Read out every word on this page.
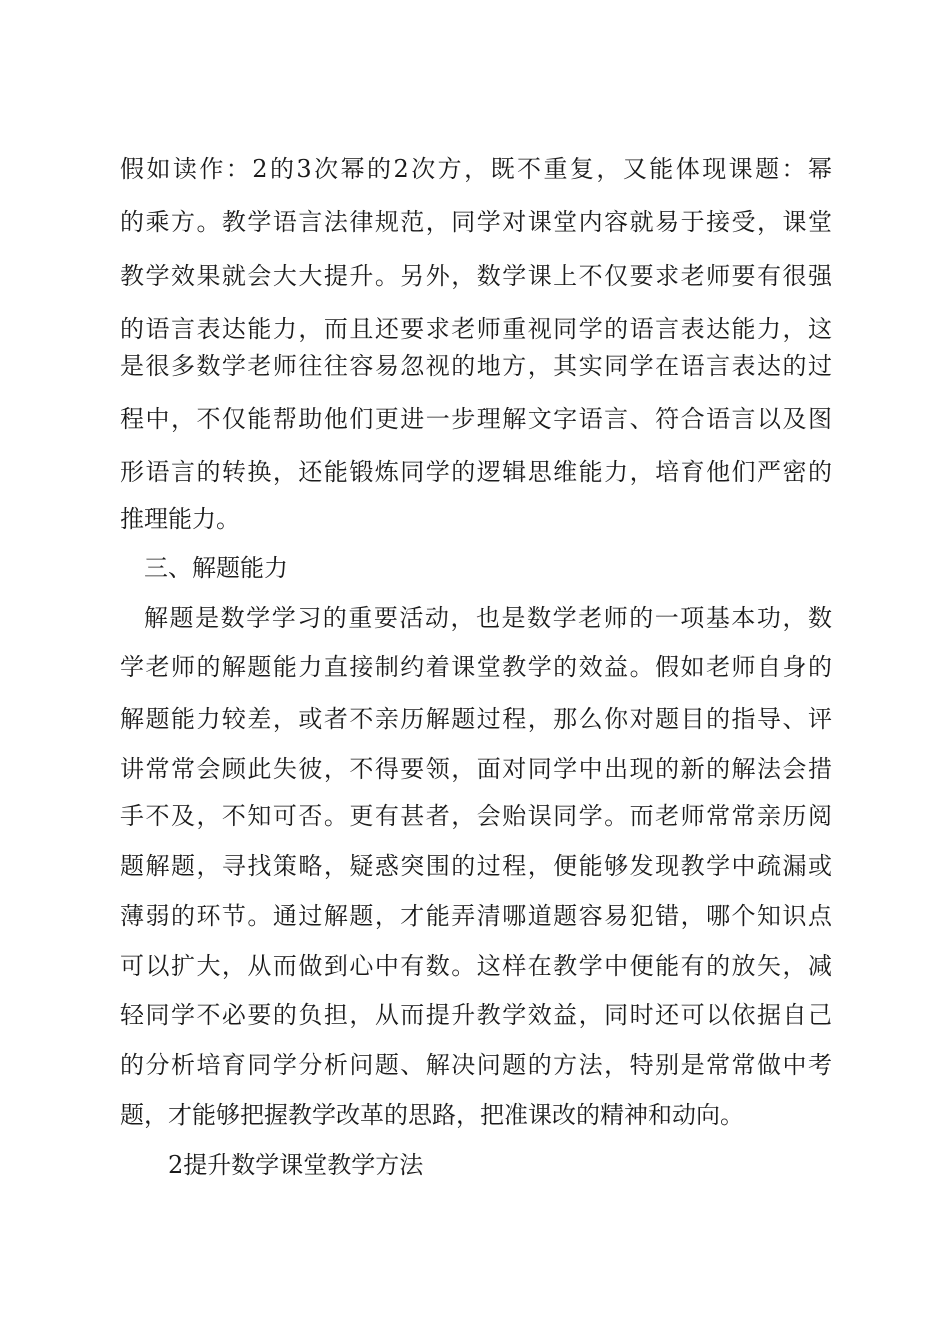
假如读作：2的3次幂的2次方，既不重复，又能体现课题：幂
的乘方。教学语言法律规范，同学对课堂内容就易于接受，课堂
教学效果就会大大提升。另外，数学课上不仅要求老师要有很强
的语言表达能力，而且还要求老师重视同学的语言表达能力，这
是很多数学老师往往容易忽视的地方，其实同学在语言表达的过
程中，不仅能帮助他们更进一步理解文字语言、符合语言以及图
形语言的转换，还能锻炼同学的逻辑思维能力，培育他们严密的
推理能力。
三、解题能力
解题是数学学习的重要活动，也是数学老师的一项基本功，数
学老师的解题能力直接制约着课堂教学的效益。假如老师自身的
解题能力较差，或者不亲历解题过程，那么你对题目的指导、评
讲常常会顾此失彼，不得要领，面对同学中出现的新的解法会措
手不及，不知可否。更有甚者，会贻误同学。而老师常常亲历阅
题解题，寻找策略，疑惑突围的过程，便能够发现教学中疏漏或
薄弱的环节。通过解题，才能弄清哪道题容易犯错，哪个知识点
可以扩大，从而做到心中有数。这样在教学中便能有的放矢，减
轻同学不必要的负担，从而提升教学效益，同时还可以依据自己
的分析培育同学分析问题、解决问题的方法，特别是常常做中考
题，才能够把握教学改革的思路，把准课改的精神和动向。
2提升数学课堂教学方法
